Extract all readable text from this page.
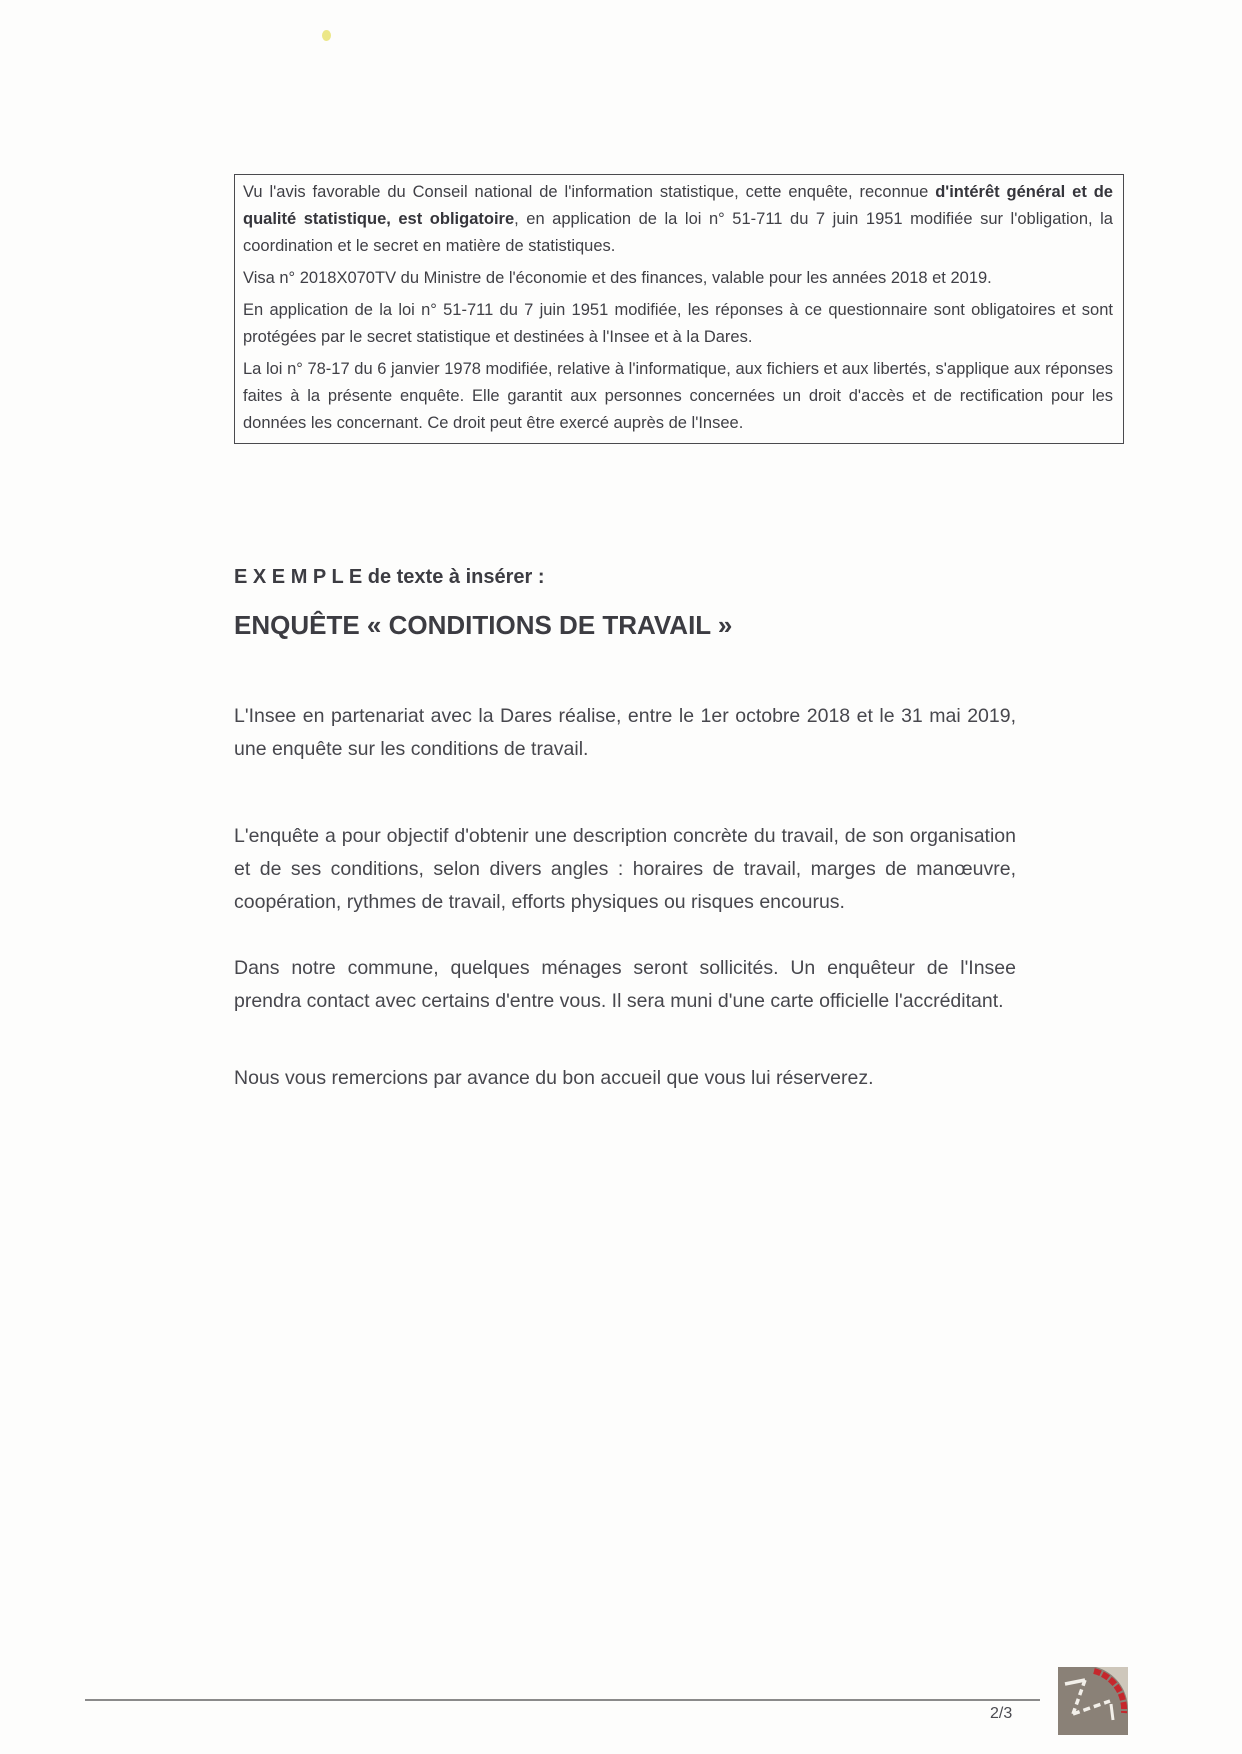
Vu l'avis favorable du Conseil national de l'information statistique, cette enquête, reconnue d'intérêt général et de qualité statistique, est obligatoire, en application de la loi n° 51-711 du 7 juin 1951 modifiée sur l'obligation, la coordination et le secret en matière de statistiques.

Visa n° 2018X070TV du Ministre de l'économie et des finances, valable pour les années 2018 et 2019.

En application de la loi n° 51-711 du 7 juin 1951 modifiée, les réponses à ce questionnaire sont obligatoires et sont protégées par le secret statistique et destinées à l'Insee et à la Dares.

La loi n° 78-17 du 6 janvier 1978 modifiée, relative à l'informatique, aux fichiers et aux libertés, s'applique aux réponses faites à la présente enquête. Elle garantit aux personnes concernées un droit d'accès et de rectification pour les données les concernant. Ce droit peut être exercé auprès de l'Insee.

E X E M P L E de texte à insérer :
ENQUÊTE « CONDITIONS DE TRAVAIL »

L'Insee en partenariat avec la Dares réalise, entre le 1er octobre 2018 et le 31 mai 2019, une enquête sur les conditions de travail.

L'enquête a pour objectif d'obtenir une description concrète du travail, de son organisation et de ses conditions, selon divers angles : horaires de travail, marges de manœuvre, coopération, rythmes de travail, efforts physiques ou risques encourus.

Dans notre commune, quelques ménages seront sollicités. Un enquêteur de l'Insee prendra contact avec certains d'entre vous. Il sera muni d'une carte officielle l'accréditant.

Nous vous remercions par avance du bon accueil que vous lui réserverez.

2/3
